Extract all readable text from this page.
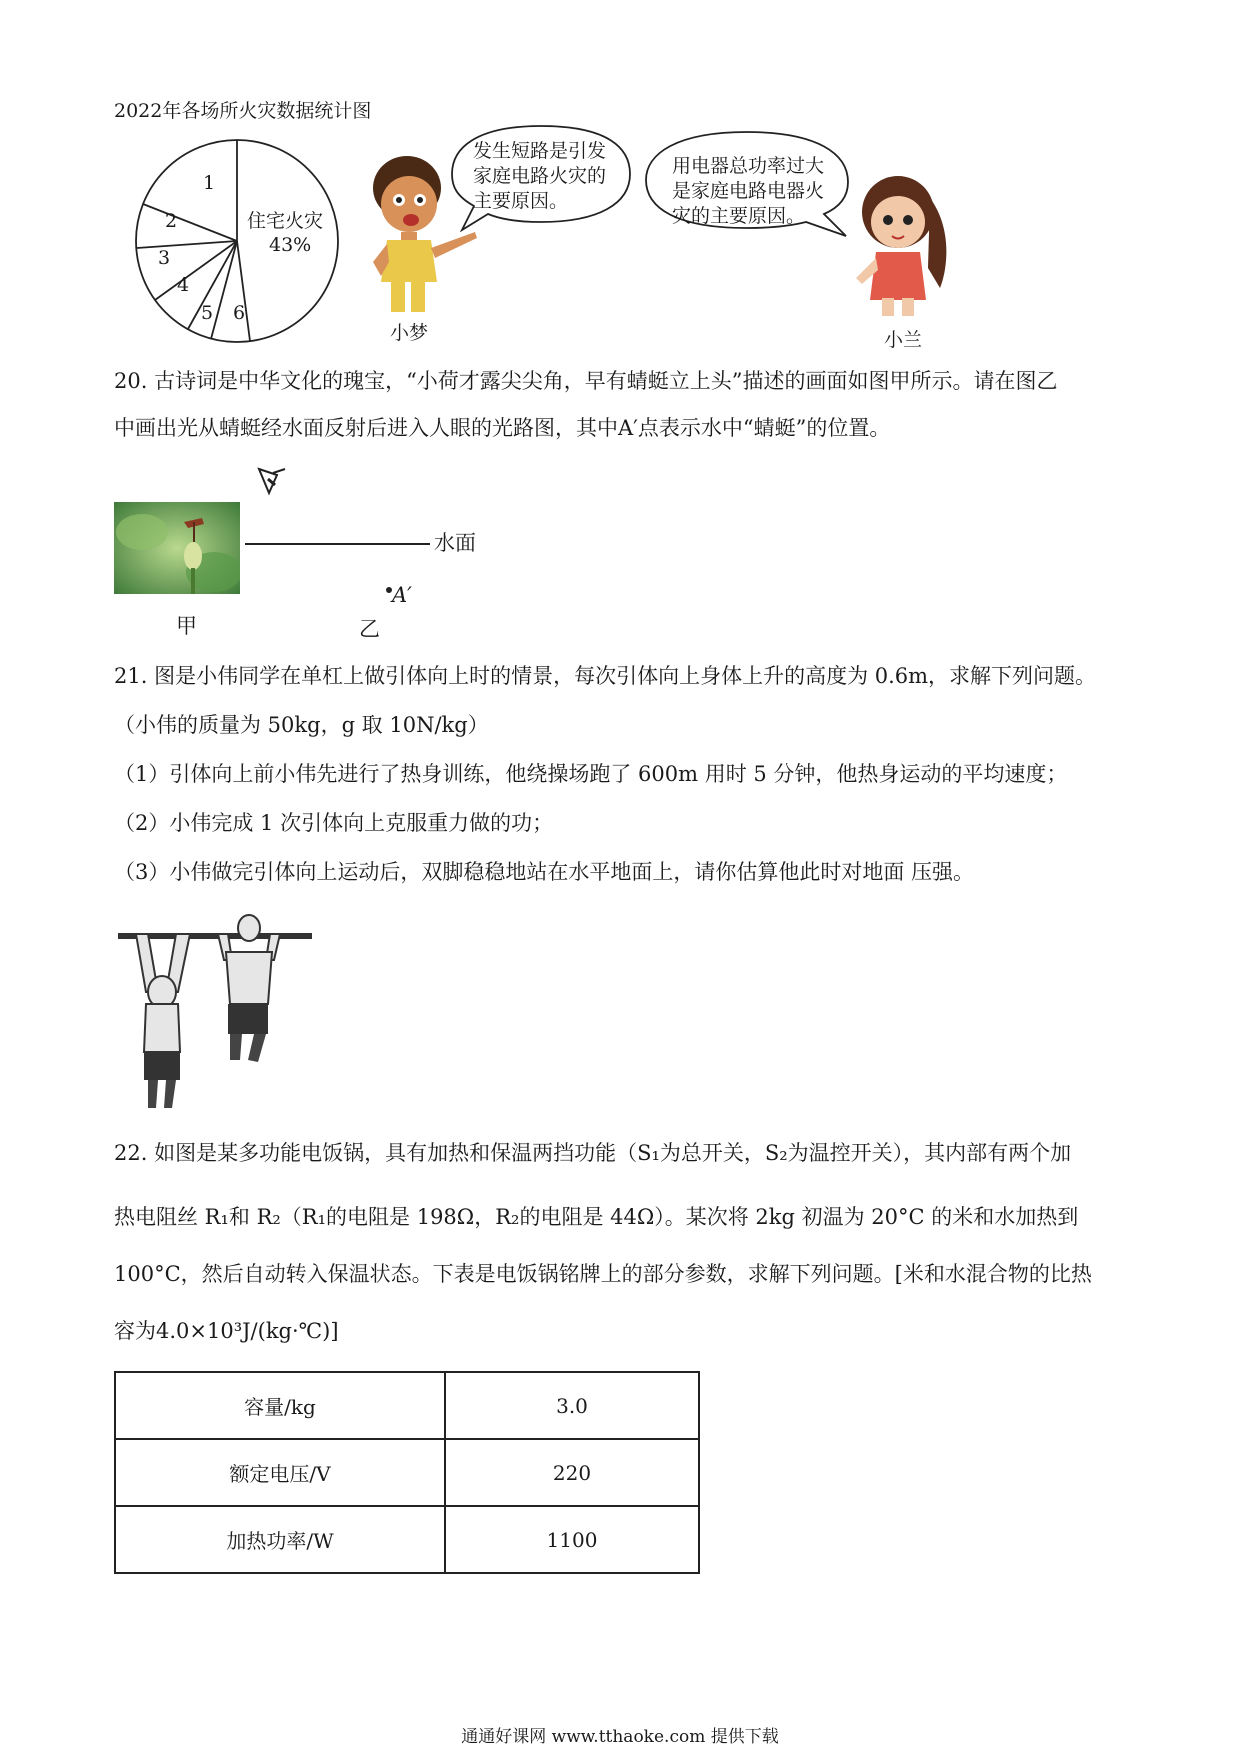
2022年各场所火灾数据统计图
1
2
3
4
5 6
住宅火灾
43%
小梦
发生短路是引发
家庭电路火灾的
主要原因。
用电器总功率过大
是家庭电路电器火
灾的主要原因。
小兰
20. 古诗词是中华文化的瑰宝，“小荷才露尖尖角，早有蜻蜓立上头”描述的画面如图甲所示。请在图乙
中画出光从蜻蜓经水面反射后进入人眼的光路图，其中A′点表示水中“蜻蜓”的位置。
甲
水面
A′
乙
21. 图是小伟同学在单杠上做引体向上时的情景，每次引体向上身体上升的高度为 0.6m，求解下列问题。
（小伟的质量为 50kg，g 取 10N/kg）
（1）引体向上前小伟先进行了热身训练，他绕操场跑了 600m 用时 5 分钟，他热身运动的平均速度；
（2）小伟完成 1 次引体向上克服重力做的功；
（3）小伟做完引体向上运动后，双脚稳稳地站在水平地面上，请你估算他此时对地面 压强。
22. 如图是某多功能电饭锅，具有加热和保温两挡功能（S₁为总开关，S₂为温控开关），其内部有两个加
热电阻丝 R₁和 R₂（R₁的电阻是 198Ω，R₂的电阻是 44Ω）。某次将 2kg 初温为 20°C 的米和水加热到
100°C，然后自动转入保温状态。下表是电饭锅铭牌上的部分参数，求解下列问题。[米和水混合物的比热
容为4.0×10³J/(kg·℃)]
容量/kg	3.0
额定电压/V	220
加热功率/W	1100
通通好课网 www.tthaoke.com 提供下载
